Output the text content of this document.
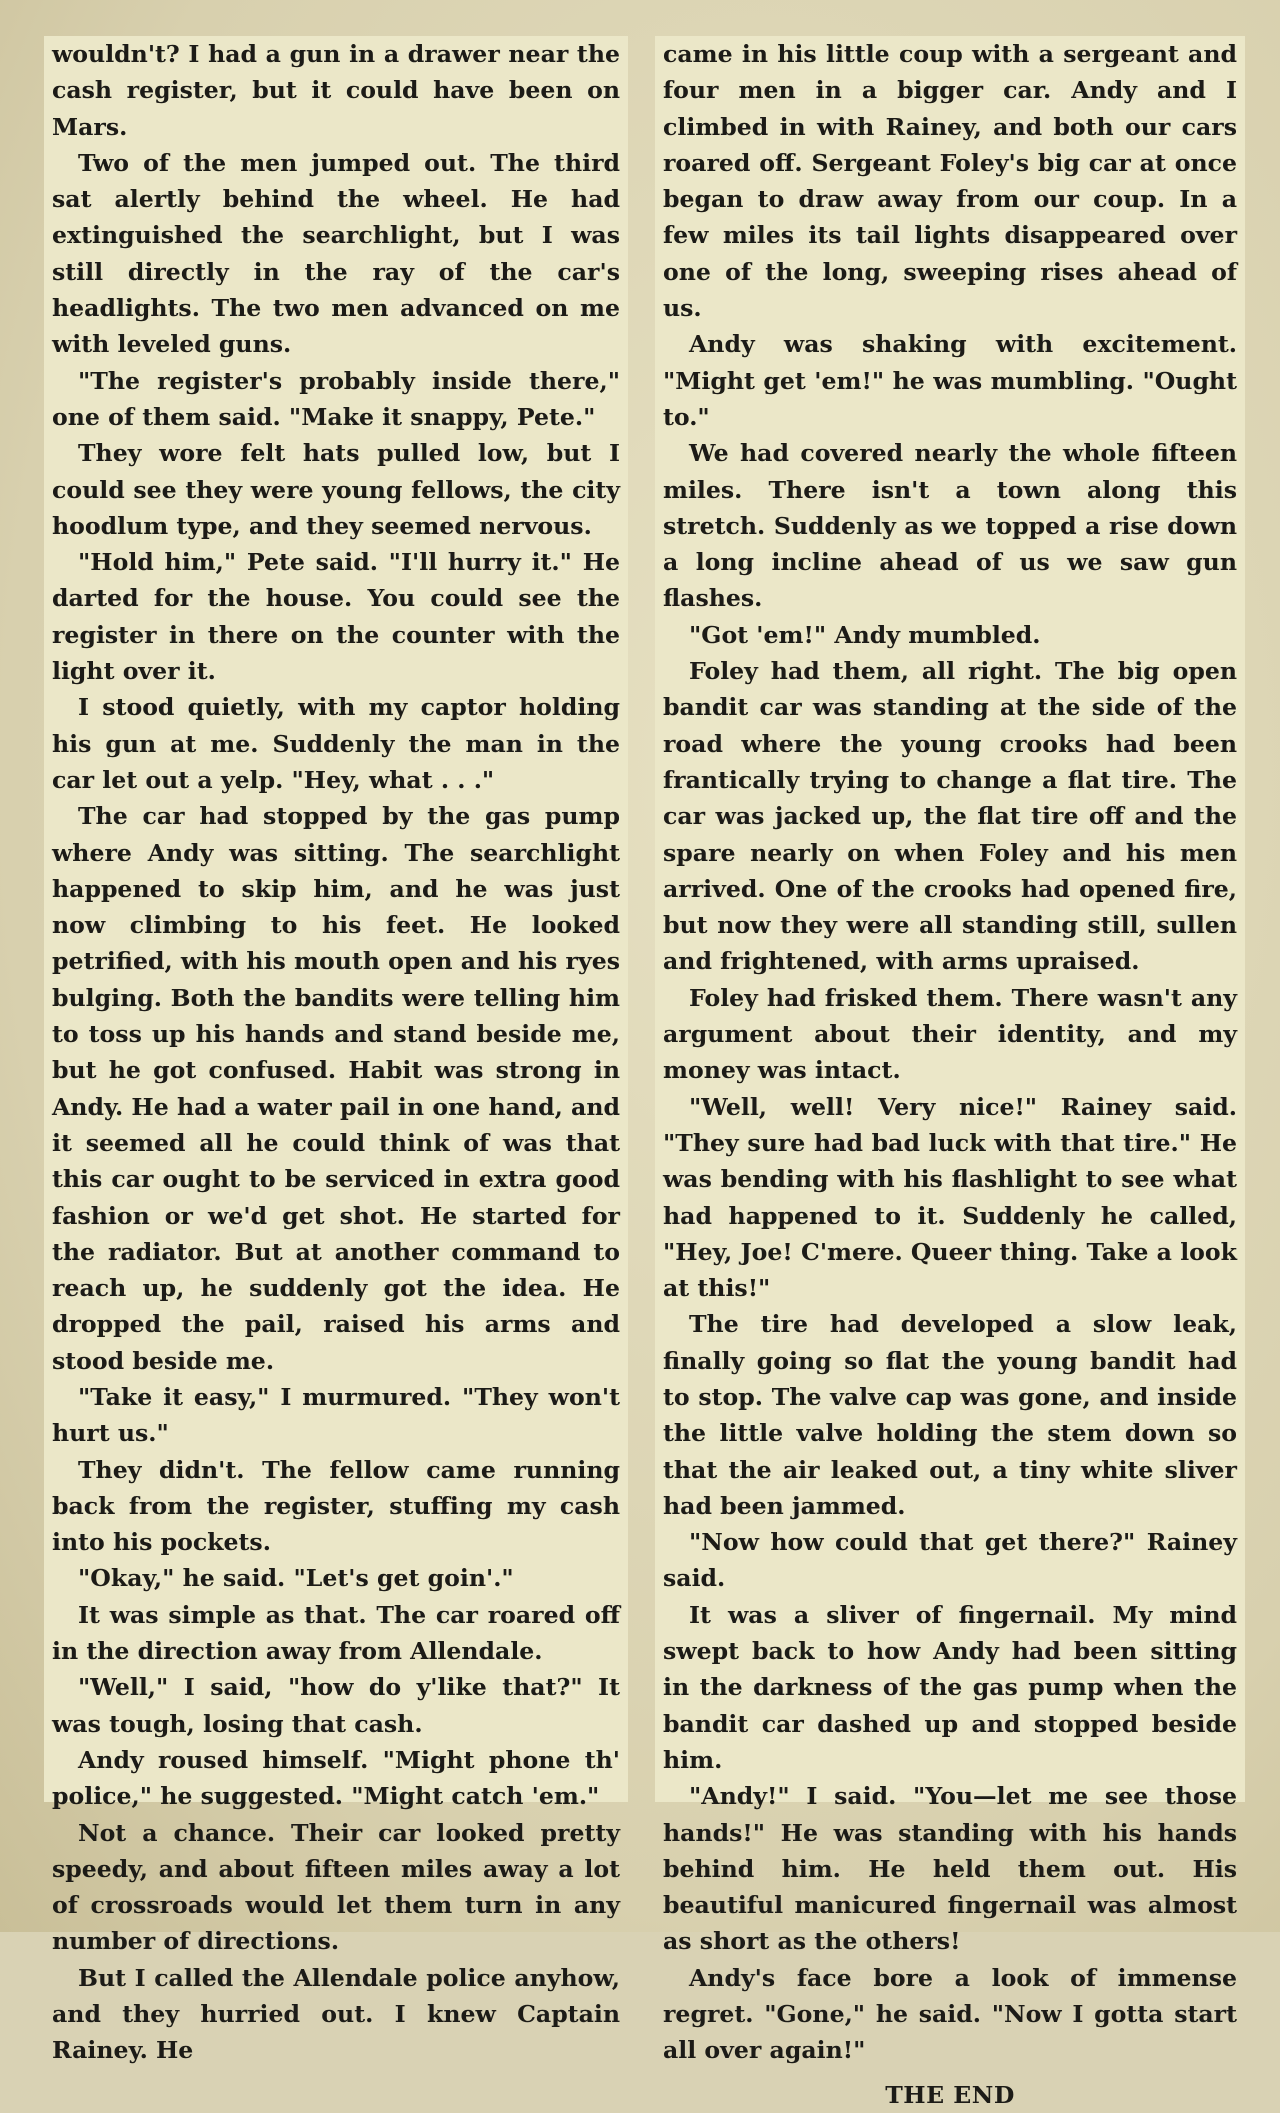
wouldn't? I had a gun in a drawer near the cash register, but it could have been on Mars.

Two of the men jumped out. The third sat alertly behind the wheel. He had extinguished the searchlight, but I was still directly in the ray of the car's headlights. The two men advanced on me with leveled guns.

"The register's probably inside there," one of them said. "Make it snappy, Pete."

They wore felt hats pulled low, but I could see they were young fellows, the city hoodlum type, and they seemed nervous.

"Hold him," Pete said. "I'll hurry it." He darted for the house. You could see the register in there on the counter with the light over it.

I stood quietly, with my captor holding his gun at me. Suddenly the man in the car let out a yelp. "Hey, what . . ."

The car had stopped by the gas pump where Andy was sitting. The searchlight happened to skip him, and he was just now climbing to his feet. He looked petrified, with his mouth open and his ryes bulging. Both the bandits were telling him to toss up his hands and stand beside me, but he got confused. Habit was strong in Andy. He had a water pail in one hand, and it seemed all he could think of was that this car ought to be serviced in extra good fashion or we'd get shot. He started for the radiator. But at another command to reach up, he suddenly got the idea. He dropped the pail, raised his arms and stood beside me.

"Take it easy," I murmured. "They won't hurt us."

They didn't. The fellow came running back from the register, stuffing my cash into his pockets.

"Okay," he said. "Let's get goin'."

It was simple as that. The car roared off in the direction away from Allendale.

"Well," I said, "how do y'like that?" It was tough, losing that cash.

Andy roused himself. "Might phone th' police," he suggested. "Might catch 'em."

Not a chance. Their car looked pretty speedy, and about fifteen miles away a lot of crossroads would let them turn in any number of directions.

But I called the Allendale police anyhow, and they hurried out. I knew Captain Rainey. He

came in his little coup with a sergeant and four men in a bigger car. Andy and I climbed in with Rainey, and both our cars roared off. Sergeant Foley's big car at once began to draw away from our coup. In a few miles its tail lights disappeared over one of the long, sweeping rises ahead of us.

Andy was shaking with excitement. "Might get 'em!" he was mumbling. "Ought to."

We had covered nearly the whole fifteen miles. There isn't a town along this stretch. Suddenly as we topped a rise down a long incline ahead of us we saw gun flashes.

"Got 'em!" Andy mumbled.

Foley had them, all right. The big open bandit car was standing at the side of the road where the young crooks had been frantically trying to change a flat tire. The car was jacked up, the flat tire off and the spare nearly on when Foley and his men arrived. One of the crooks had opened fire, but now they were all standing still, sullen and frightened, with arms upraised.

Foley had frisked them. There wasn't any argument about their identity, and my money was intact.

"Well, well! Very nice!" Rainey said. "They sure had bad luck with that tire." He was bending with his flashlight to see what had happened to it. Suddenly he called, "Hey, Joe! C'mere. Queer thing. Take a look at this!"

The tire had developed a slow leak, finally going so flat the young bandit had to stop. The valve cap was gone, and inside the little valve holding the stem down so that the air leaked out, a tiny white sliver had been jammed.

"Now how could that get there?" Rainey said.

It was a sliver of fingernail. My mind swept back to how Andy had been sitting in the darkness of the gas pump when the bandit car dashed up and stopped beside him.

"Andy!" I said. "You—let me see those hands!" He was standing with his hands behind him. He held them out. His beautiful manicured fingernail was almost as short as the others!

Andy's face bore a look of immense regret. "Gone," he said. "Now I gotta start all over again!"

THE END
